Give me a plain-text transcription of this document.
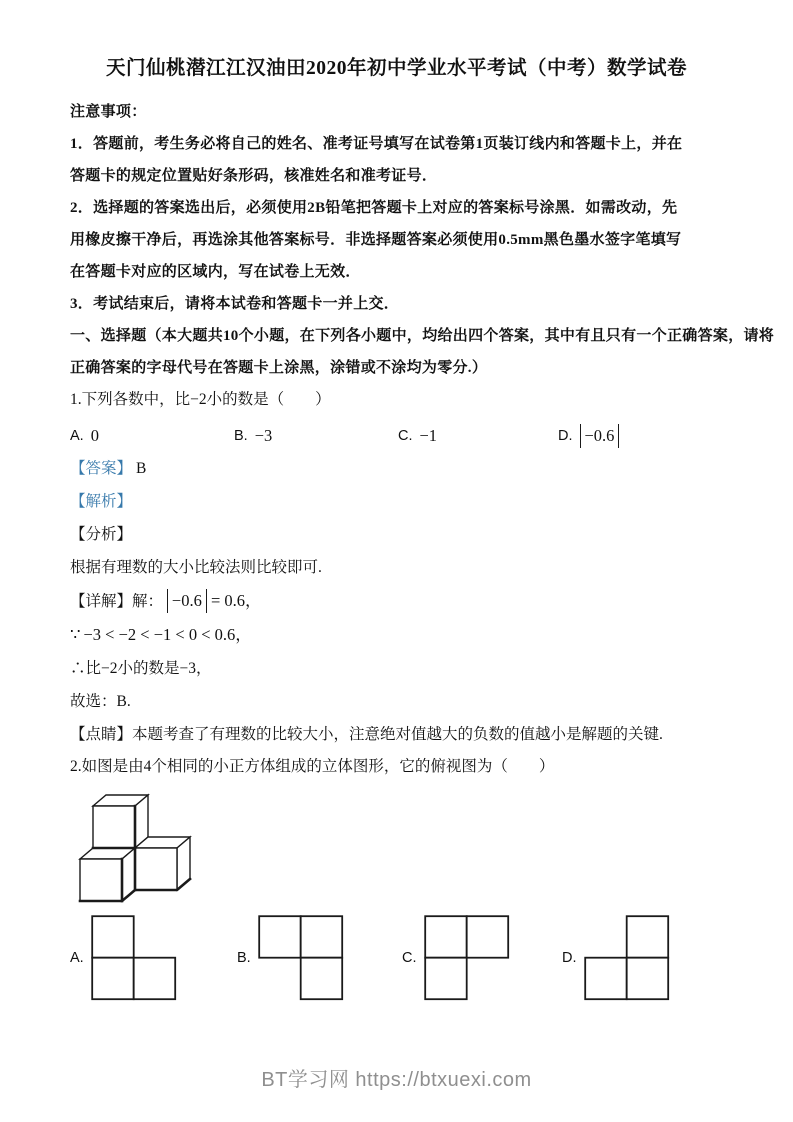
天门仙桃潜江江汉油田2020年初中学业水平考试（中考）数学试卷
注意事项：
1．答题前，考生务必将自己的姓名、准考证号填写在试卷第1页装订线内和答题卡上，并在
答题卡的规定位置贴好条形码，核准姓名和准考证号．
2．选择题的答案选出后，必须使用2B铅笔把答题卡上对应的答案标号涂黑．如需改动，先
用橡皮擦干净后，再选涂其他答案标号．非选择题答案必须使用0.5mm黑色墨水签字笔填写
在答题卡对应的区域内，写在试卷上无效．
3．考试结束后，请将本试卷和答题卡一并上交．
一、选择题（本大题共10个小题，在下列各小题中，均给出四个答案，其中有且只有一个正确答案，请将
正确答案的字母代号在答题卡上涂黑，涂错或不涂均为零分.）
1.下列各数中，比−2小的数是（　　）
A. 0	B. −3	C. −1	D. −0.6
【答案】 B
【解析】
【分析】
根据有理数的大小比较法则比较即可.
【详解】解： −0.6 = 0.6，
∵ −3 < −2 < −1 < 0 < 0.6，
∴比−2小的数是−3，
故选：B.
【点睛】本题考查了有理数的比较大小，注意绝对值越大的负数的值越小是解题的关键.
2.如图是由4个相同的小正方体组成的立体图形，它的俯视图为（　　）
A.	B.	C.	D.
BT学习网 https://btxuexi.com
